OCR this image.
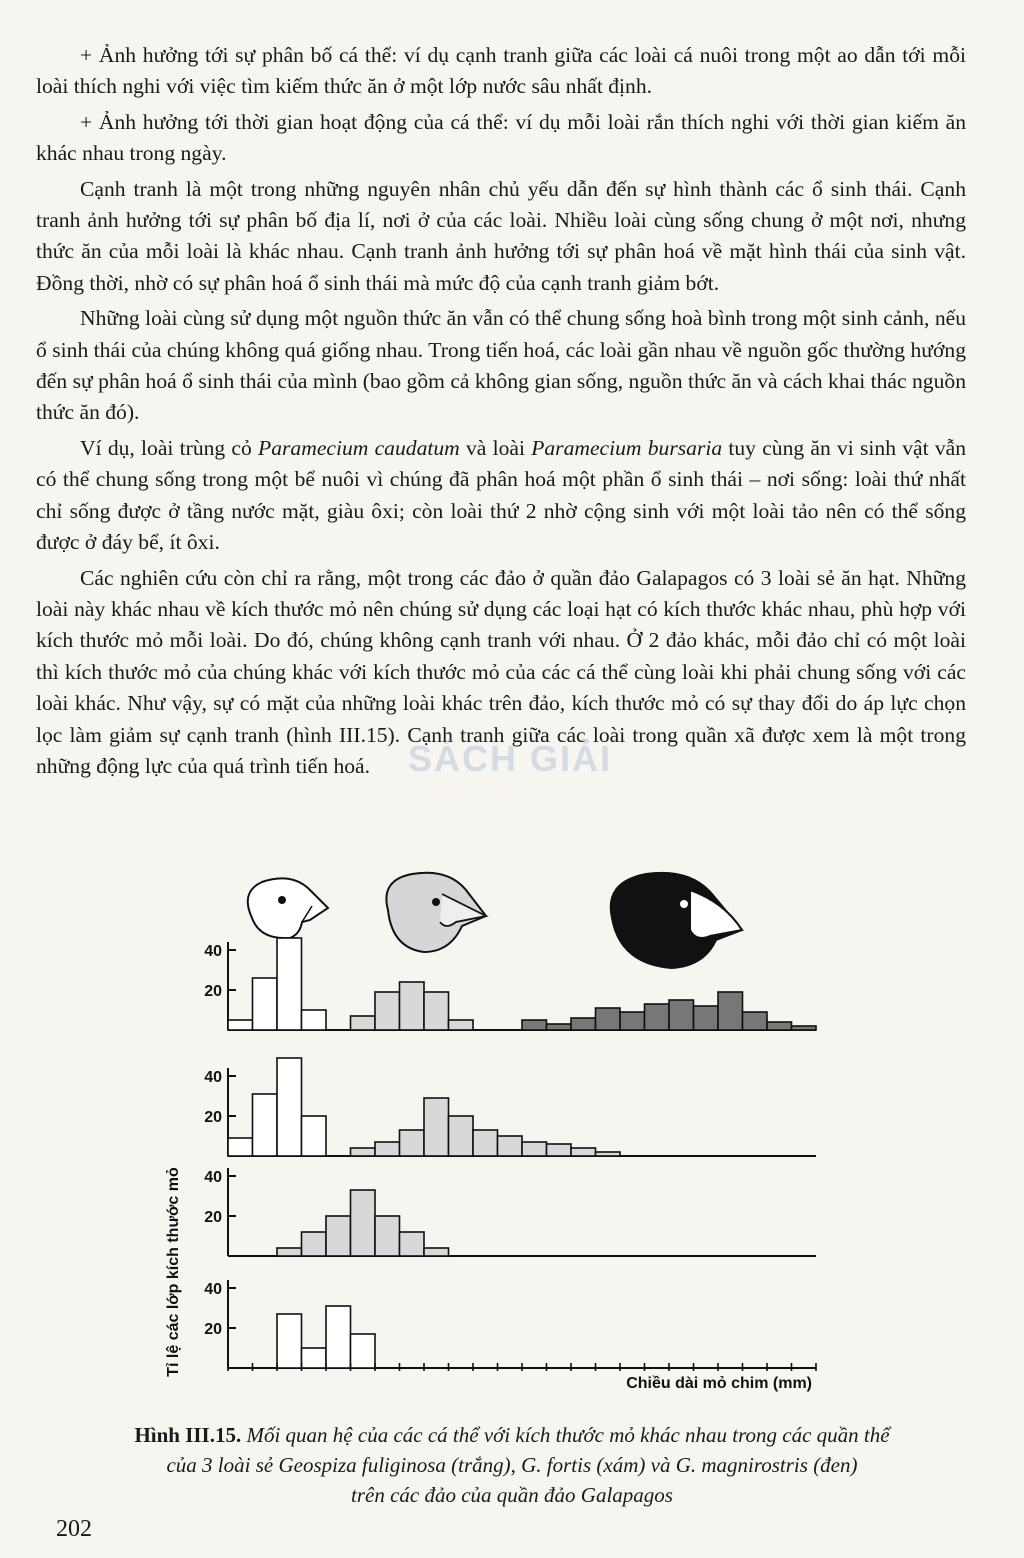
+ Ảnh hưởng tới sự phân bố cá thể: ví dụ cạnh tranh giữa các loài cá nuôi trong một ao dẫn tới mỗi loài thích nghi với việc tìm kiếm thức ăn ở một lớp nước sâu nhất định.

+ Ảnh hưởng tới thời gian hoạt động của cá thể: ví dụ mỗi loài rắn thích nghi với thời gian kiếm ăn khác nhau trong ngày.

Cạnh tranh là một trong những nguyên nhân chủ yếu dẫn đến sự hình thành các ổ sinh thái. Cạnh tranh ảnh hưởng tới sự phân bố địa lí, nơi ở của các loài. Nhiều loài cùng sống chung ở một nơi, nhưng thức ăn của mỗi loài là khác nhau. Cạnh tranh ảnh hưởng tới sự phân hoá về mặt hình thái của sinh vật. Đồng thời, nhờ có sự phân hoá ổ sinh thái mà mức độ của cạnh tranh giảm bớt.

Những loài cùng sử dụng một nguồn thức ăn vẫn có thể chung sống hoà bình trong một sinh cảnh, nếu ổ sinh thái của chúng không quá giống nhau. Trong tiến hoá, các loài gần nhau về nguồn gốc thường hướng đến sự phân hoá ổ sinh thái của mình (bao gồm cả không gian sống, nguồn thức ăn và cách khai thác nguồn thức ăn đó).

Ví dụ, loài trùng cỏ Paramecium caudatum và loài Paramecium bursaria tuy cùng ăn vi sinh vật vẫn có thể chung sống trong một bể nuôi vì chúng đã phân hoá một phần ổ sinh thái – nơi sống: loài thứ nhất chỉ sống được ở tầng nước mặt, giàu ôxi; còn loài thứ 2 nhờ cộng sinh với một loài tảo nên có thể sống được ở đáy bể, ít ôxi.

Các nghiên cứu còn chỉ ra rằng, một trong các đảo ở quần đảo Galapagos có 3 loài sẻ ăn hạt. Những loài này khác nhau về kích thước mỏ nên chúng sử dụng các loại hạt có kích thước khác nhau, phù hợp với kích thước mỏ mỗi loài. Do đó, chúng không cạnh tranh với nhau. Ở 2 đảo khác, mỗi đảo chỉ có một loài thì kích thước mỏ của chúng khác với kích thước mỏ của các cá thể cùng loài khi phải chung sống với các loài khác. Như vậy, sự có mặt của những loài khác trên đảo, kích thước mỏ có sự thay đổi do áp lực chọn lọc làm giảm sự cạnh tranh (hình III.15). Cạnh tranh giữa các loài trong quần xã được xem là một trong những động lực của quá trình tiến hoá.	SÁCH GIẢI
40
20
40
20
40
20
40
20
Tỉ lệ các lớp kích thước mỏ
Chiều dài mỏ chim (mm)
Hình III.15. Mối quan hệ của các cá thể với kích thước mỏ khác nhau trong các quần thể
của 3 loài sẻ Geospiza fuliginosa (trắng), G. fortis (xám) và G. magnirostris (đen)
trên các đảo của quần đảo Galapagos
202
